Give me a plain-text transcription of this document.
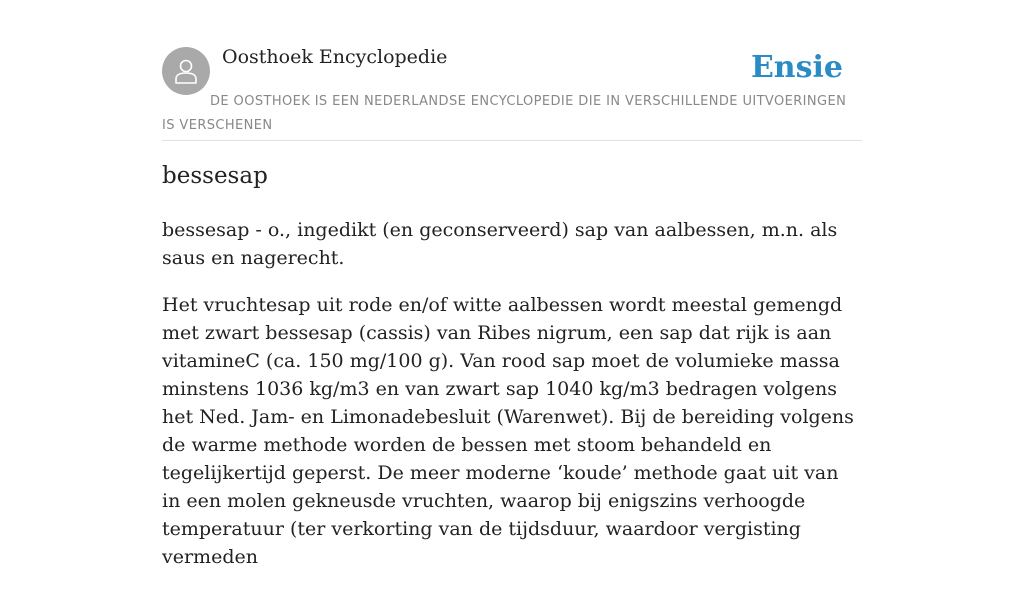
Oosthoek Encyclopedie	Ensie
DE OOSTHOEK IS EEN NEDERLANDSE ENCYCLOPEDIE DIE IN VERSCHILLENDE UITVOERINGEN IS VERSCHENEN
bessesap

bessesap - o., ingedikt (en geconserveerd) sap van aalbessen, m.n. als saus en nagerecht.

Het vruchtesap uit rode en/of witte aalbessen wordt meestal gemengd met zwart bessesap (cassis) van Ribes nigrum, een sap dat rijk is aan vitamineC (ca. 150 mg/100 g). Van rood sap moet de volumieke massa minstens 1036 kg/m3 en van zwart sap 1040 kg/m3 bedragen volgens het Ned. Jam- en Limonadebesluit (Warenwet). Bij de bereiding volgens de warme methode worden de bessen met stoom behandeld en tegelijkertijd geperst. De meer moderne ‘koude’ methode gaat uit van in een molen gekneusde vruchten, waarop bij enigszins verhoogde temperatuur (ter verkorting van de tijdsduur, waardoor vergisting vermeden
